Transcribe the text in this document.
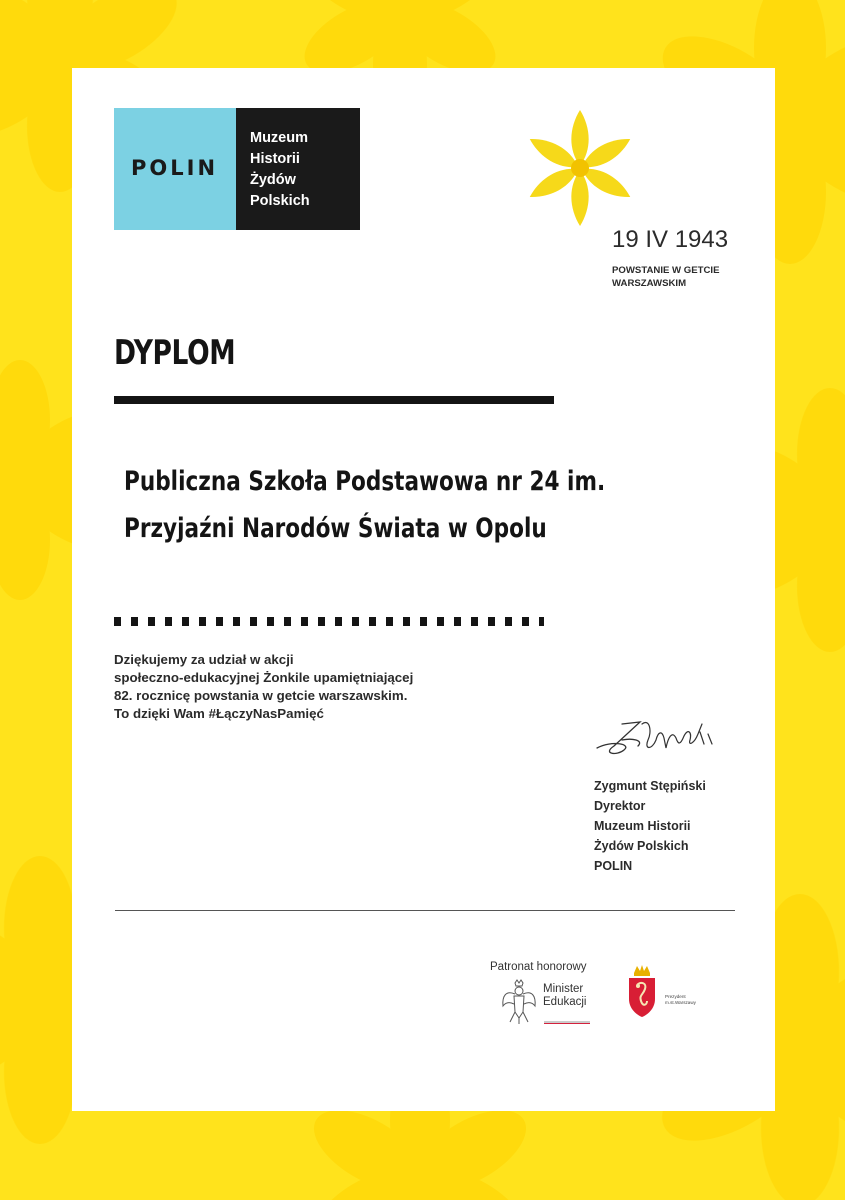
POLIN
Muzeum
Historii
Żydów
Polskich
19 IV 1943
POWSTANIE W GETCIE
WARSZAWSKIM
DYPLOM
Publiczna Szkoła Podstawowa nr 24 im.
Przyjaźni Narodów Świata w Opolu
Dziękujemy za udział w akcji
społeczno-edukacyjnej Żonkile upamiętniającej
82. rocznicę powstania w getcie warszawskim.
To dzięki Wam #ŁączyNasPamięć
Zygmunt Stępiński
Dyrektor
Muzeum Historii
Żydów Polskich
POLIN
Patronat honorowy
Minister
Edukacji	Prezydent
m.st.Warszawy
